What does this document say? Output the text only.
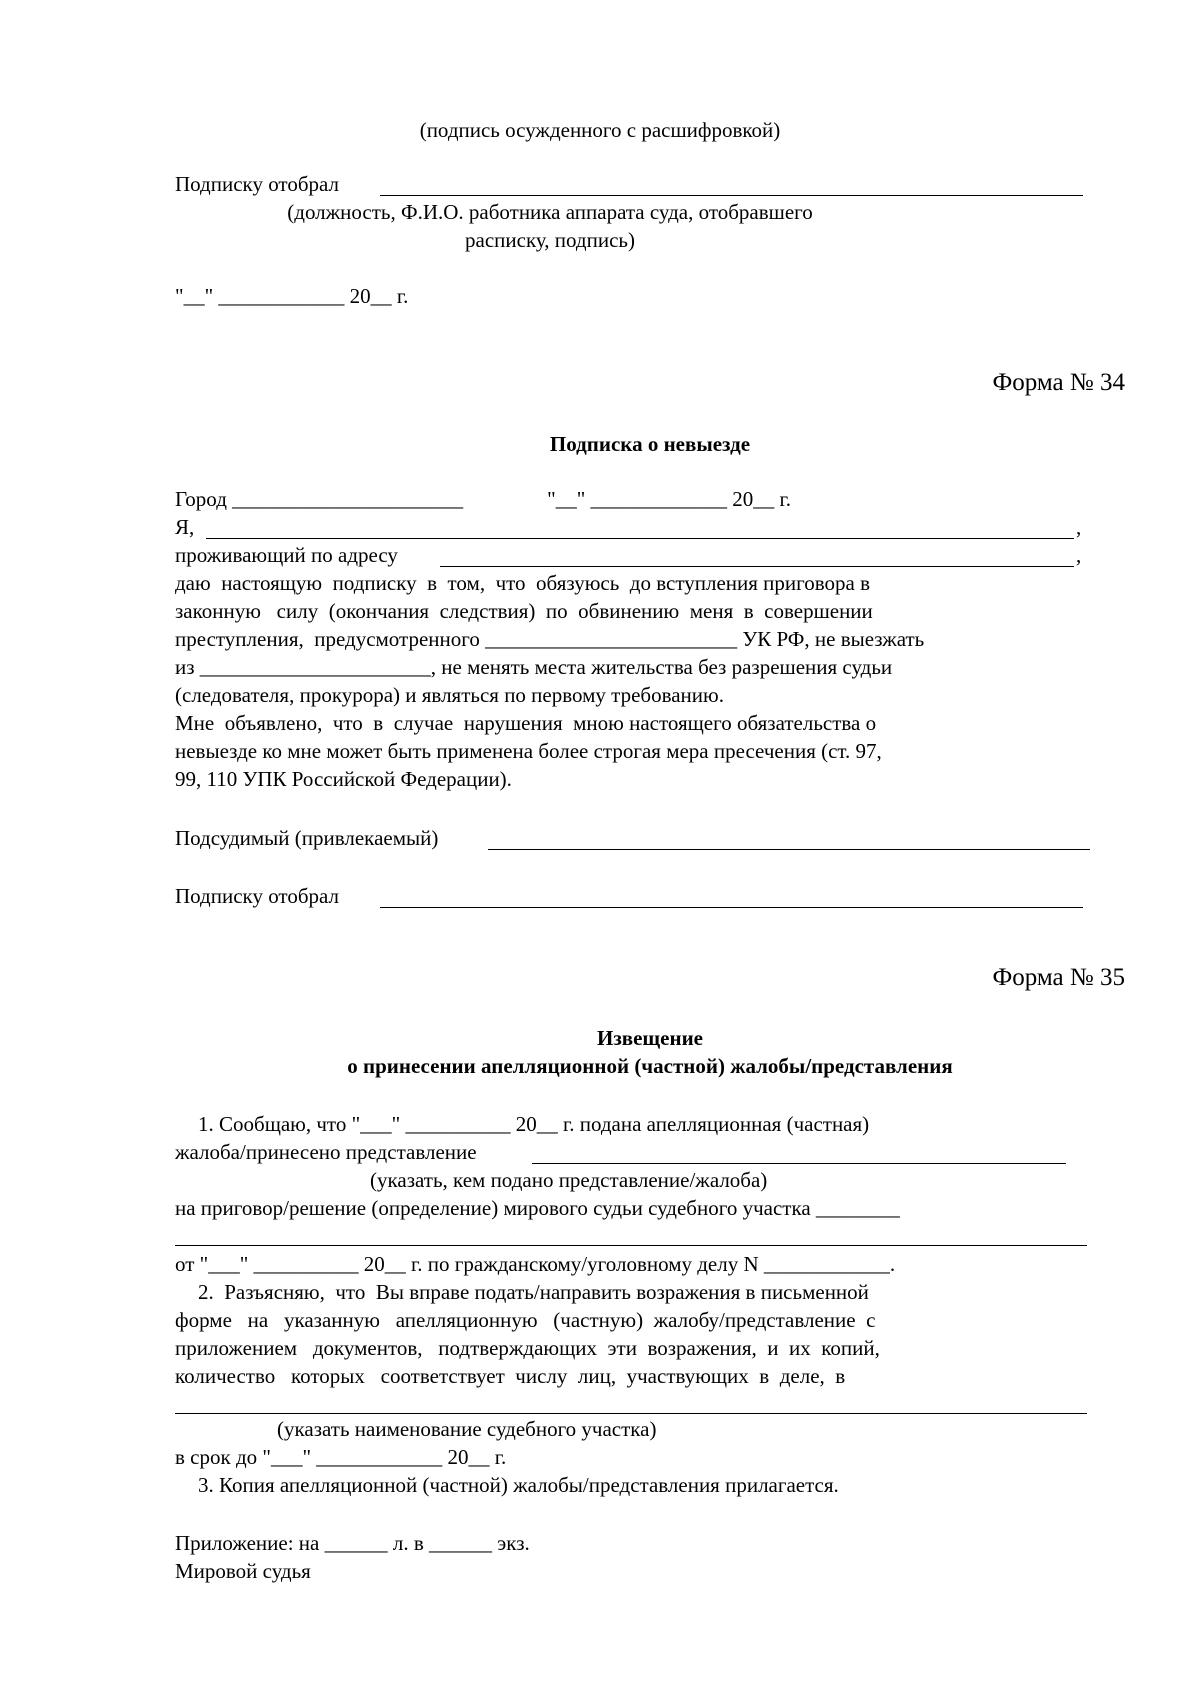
(подпись осужденного с расшифровкой)
Подписку отобрал
(должность, Ф.И.О. работника аппарата суда, отобравшего
расписку, подпись)
"__" ____________ 20__ г.
Форма № 34
Подписка о невыезде
Город ______________________                "__" _____________ 20__ г.
Я,	,
проживающий по адресу	,
даю  настоящую  подписку  в  том,  что  обязуюсь  до вступления приговора в
законную   силу  (окончания  следствия)  по  обвинению  меня  в  совершении
преступления,  предусмотренного ________________________ УК РФ, не выезжать
из ______________________, не менять места жительства без разрешения судьи
(следователя, прокурора) и являться по первому требованию.
Мне  объявлено,  что  в  случае  нарушения  мною настоящего обязательства о
невыезде ко мне может быть применена более строгая мера пресечения (ст. 97,
99, 110 УПК Российской Федерации).
Подсудимый (привлекаемый)
Подписку отобрал
Форма № 35
Извещение
о принесении апелляционной (частной) жалобы/представления
1. Сообщаю, что "___" __________ 20__ г. подана апелляционная (частная)
жалоба/принесено представление
(указать, кем подано представление/жалоба)
на приговор/решение (определение) мирового судьи судебного участка ________
от "___" __________ 20__ г. по гражданскому/уголовному делу N ____________.
2.  Разъясняю,  что  Вы вправе подать/направить возражения в письменной
форме   на   указанную   апелляционную   (частную)  жалобу/представление  с
приложением   документов,   подтверждающих  эти  возражения,  и  их  копий,
количество   которых   соответствует  числу  лиц,  участвующих  в  деле,  в
(указать наименование судебного участка)
в срок до "___" ____________ 20__ г.
3. Копия апелляционной (частной) жалобы/представления прилагается.
Приложение: на ______ л. в ______ экз.
Мировой судья
